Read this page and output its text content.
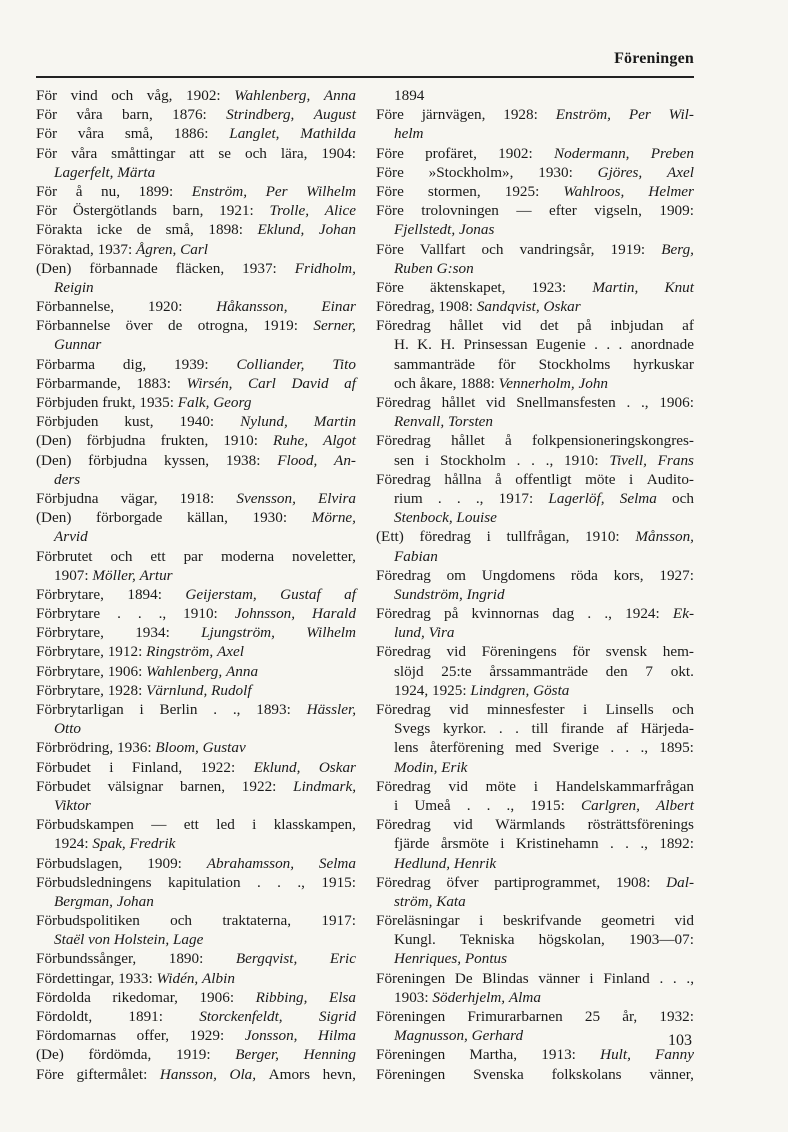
Föreningen
För vind och våg, 1902: Wahlenberg, Anna
För våra barn, 1876: Strindberg, August
För våra små, 1886: Langlet, Mathilda
För våra småttingar att se och lära, 1904:
Lagerfelt,
Märta
För å nu, 1899: Enström, Per Wilhelm
För Östergötlands barn, 1921: Trolle, Alice
Förakta icke de små, 1898: Eklund, Johan
Föraktad,
1937:
Ågren,
Carl
(Den) förbannade fläcken, 1937: Fridholm,
Reigin
Förbannelse, 1920: Håkansson, Einar
Förbannelse över de otrogna, 1919: Serner,
Gunnar
Förbarma dig, 1939: Colliander, Tito
Förbarmande, 1883: Wirsén, Carl David af
Förbjuden
frukt,
1935:
Falk,
Georg
Förbjuden kust, 1940: Nylund, Martin
(Den) förbjudna frukten, 1910: Ruhe, Algot
(Den) förbjudna kyssen, 1938: Flood, An-
ders
Förbjudna vägar, 1918: Svensson, Elvira
(Den) förborgade källan, 1930: Mörne,
Arvid
Förbrutet och ett par moderna noveletter,
1907:
Möller,
Artur
Förbrytare, 1894: Geijerstam, Gustaf af
Förbrytare . . ., 1910: Johnsson, Harald
Förbrytare, 1934: Ljungström, Wilhelm
Förbrytare,
1912:
Ringström,
Axel
Förbrytare,
1906:
Wahlenberg,
Anna
Förbrytare,
1928:
Värnlund,
Rudolf
Förbrytarligan i Berlin . ., 1893: Hässler,
Otto
Förbrödring,
1936:
Bloom,
Gustav
Förbudet i Finland, 1922: Eklund, Oskar
Förbudet välsignar barnen, 1922: Lindmark,
Viktor
Förbudskampen — ett led i klasskampen,
1924:
Spak,
Fredrik
Förbudslagen, 1909: Abrahamsson, Selma
Förbudsledningens kapitulation . . ., 1915:
Bergman,
Johan
Förbudspolitiken och traktaterna, 1917:
Staël
von
Holstein,
Lage
Förbundssånger, 1890: Bergqvist, Eric
Fördettingar,
1933:
Widén,
Albin
Fördolda rikedomar, 1906: Ribbing, Elsa
Fördoldt, 1891: Storckenfeldt, Sigrid
Fördomarnas offer, 1929: Jonsson, Hilma
(De) fördömda, 1919: Berger, Henning
Före giftermålet: Hansson, Ola, Amors hevn,
1894
Före järnvägen, 1928: Enström, Per Wil-
helm
Före profäret, 1902: Nodermann, Preben
Före »Stockholm», 1930: Gjöres, Axel
Före stormen, 1925: Wahlroos, Helmer
Före trolovningen — efter vigseln, 1909:
Fjellstedt,
Jonas
Före Vallfart och vandringsår, 1919: Berg,
Ruben
G:son
Före äktenskapet, 1923: Martin, Knut
Föredrag,
1908:
Sandqvist,
Oskar
Föredrag hållet vid det på inbjudan af
H. K. H. Prinsessan Eugenie . . . anordnade
sammanträde för Stockholms hyrkuskar
och
åkare,
1888:
Vennerholm,
John
Föredrag hållet vid Snellmansfesten . ., 1906:
Renvall,
Torsten
Föredrag hållet å folkpensioneringskongres-
sen i Stockholm . . ., 1910: Tivell, Frans
Föredrag hållna å offentligt möte i Audito-
rium . . ., 1917: Lagerlöf, Selma och
Stenbock,
Louise
(Ett) föredrag i tullfrågan, 1910: Månsson,
Fabian
Föredrag om Ungdomens röda kors, 1927:
Sundström,
Ingrid
Föredrag på kvinnornas dag . ., 1924: Ek-
lund,
Vira
Föredrag vid Föreningens för svensk hem-
slöjd 25:te årssammanträde den 7 okt.
1924,
1925:
Lindgren,
Gösta
Föredrag vid minnesfester i Linsells och
Svegs kyrkor. . . till firande af Härjeda-
lens återförening med Sverige . . ., 1895:
Modin,
Erik
Föredrag vid möte i Handelskammarfrågan
i Umeå . . ., 1915: Carlgren, Albert
Föredrag vid Wärmlands rösträttsförenings
fjärde årsmöte i Kristinehamn . . ., 1892:
Hedlund,
Henrik
Föredrag öfver partiprogrammet, 1908: Dal-
ström,
Kata
Föreläsningar i beskrifvande geometri vid
Kungl. Tekniska högskolan, 1903—07:
Henriques,
Pontus
Föreningen De Blindas vänner i Finland . . .,
1903:
Söderhjelm,
Alma
Föreningen Frimurarbarnen 25 år, 1932:
Magnusson,
Gerhard
Föreningen Martha, 1913: Hult, Fanny
Föreningen Svenska folkskolans vänner,
103
